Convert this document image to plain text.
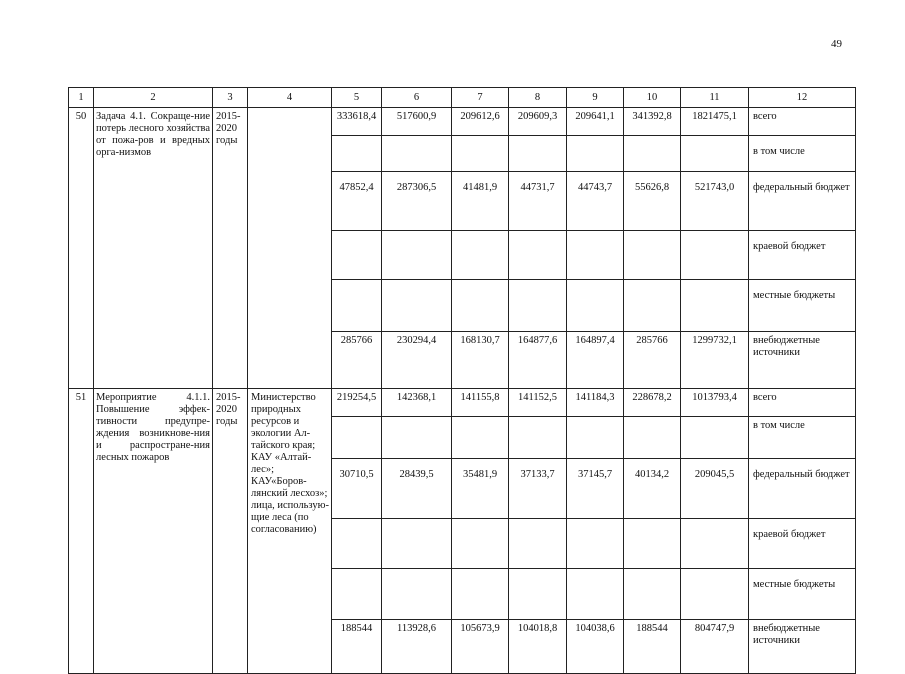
49
1	2	3	4	5	6	7	8	9	10	11	12
50	Задача 4.1. Сокраще-ние потерь лесного хозяйства от пожа-ров и вредных орга-низмов	2015-2020 годы		333618,4	517600,9	209612,6	209609,3	209641,1	341392,8	1821475,1	всего
											в том числе
				47852,4	287306,5	41481,9	44731,7	44743,7	55626,8	521743,0	федеральный бюджет
											краевой бюджет
											местные бюджеты
				285766	230294,4	168130,7	164877,6	164897,4	285766	1299732,1	внебюджетные источники
51	Мероприятие 4.1.1. Повышение эффек-тивности предупре-ждения возникнове-ния и распростране-ния лесных пожаров	2015-2020 годы	Министерство природных ресурсов и экологии Ал-тайского края; КАУ «Алтай-лес»; КАУ«Боров-лянский лесхоз»; лица, использую-щие леса (по согласованию)	219254,5	142368,1	141155,8	141152,5	141184,3	228678,2	1013793,4	всего
											в том числе
				30710,5	28439,5	35481,9	37133,7	37145,7	40134,2	209045,5	федеральный бюджет
											краевой бюджет
											местные бюджеты
				188544	113928,6	105673,9	104018,8	104038,6	188544	804747,9	внебюджетные источники
